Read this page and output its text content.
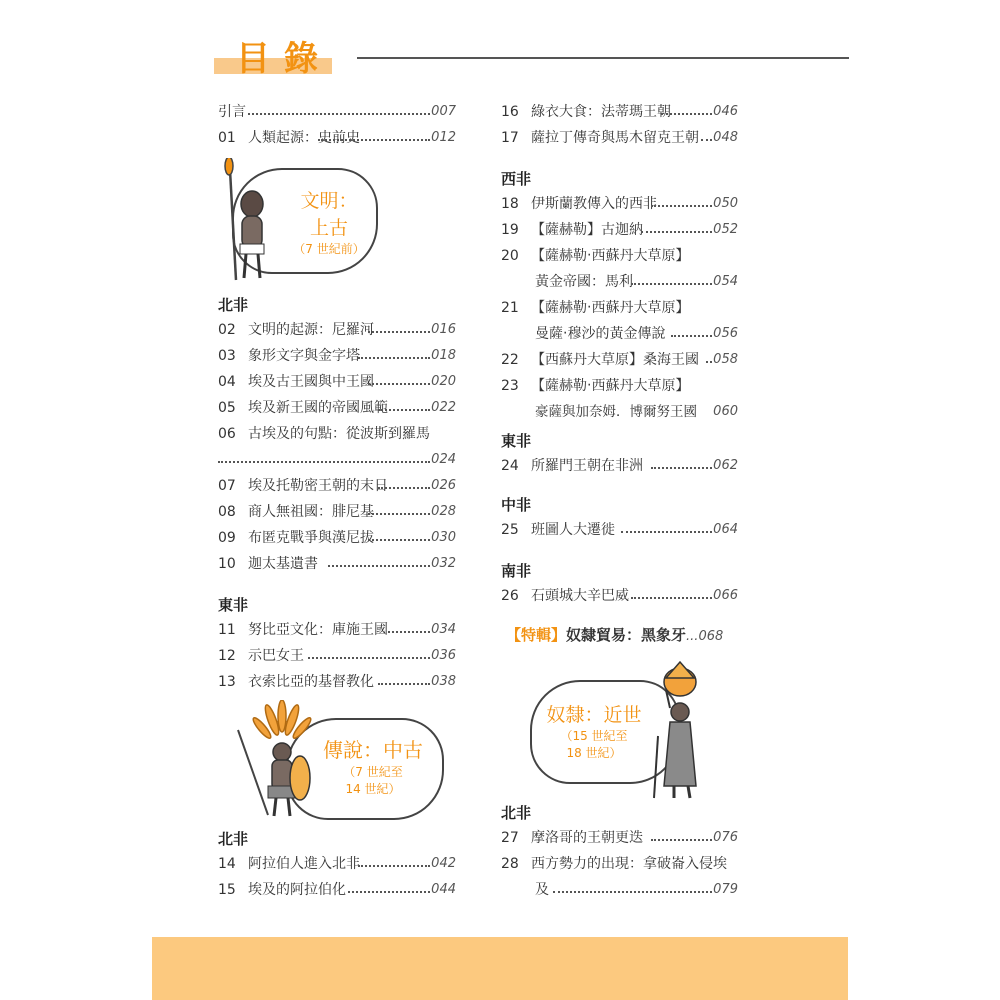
目錄
引言	007
01 人類起源：史前史	012
文明：
上古
（7 世紀前）
北非
02 文明的起源：尼羅河	016
03 象形文字與金字塔	018
04 埃及古王國與中王國	020
05 埃及新王國的帝國風範	022
06 古埃及的句點：從波斯到羅馬
024
07 埃及托勒密王朝的末日	026
08 商人無祖國：腓尼基	028
09 布匿克戰爭與漢尼拔	030
10 迦太基遺書	032
東非
11 努比亞文化：庫施王國	034
12 示巴女王	036
13 衣索比亞的基督教化	038
傳說：中古
（7 世紀至
14 世紀）
北非
14 阿拉伯人進入北非	042
15 埃及的阿拉伯化	044
16 綠衣大食：法蒂瑪王朝	046
17 薩拉丁傳奇與馬木留克王朝 048
西非
18 伊斯蘭教傳入的西非	050
19 【薩赫勒】古迦納	052
20 【薩赫勒‧西蘇丹大草原】
黃金帝國：馬利	054
21 【薩赫勒‧西蘇丹大草原】
曼薩‧穆沙的黃金傳說	056
22 【西蘇丹大草原】桑海王國 058
23 【薩赫勒‧西蘇丹大草原】
豪薩與加奈姆．博爾努王國 060
東非
24 所羅門王朝在非洲	062
中非
25 班圖人大遷徙	064
南非
26 石頭城大辛巴威	066
【特輯】奴隸貿易：黑象牙...068
奴隸：近世
（15 世紀至
18 世紀）
北非
27 摩洛哥的王朝更迭	076
28 西方勢力的出現：拿破崙入侵埃
及	079
